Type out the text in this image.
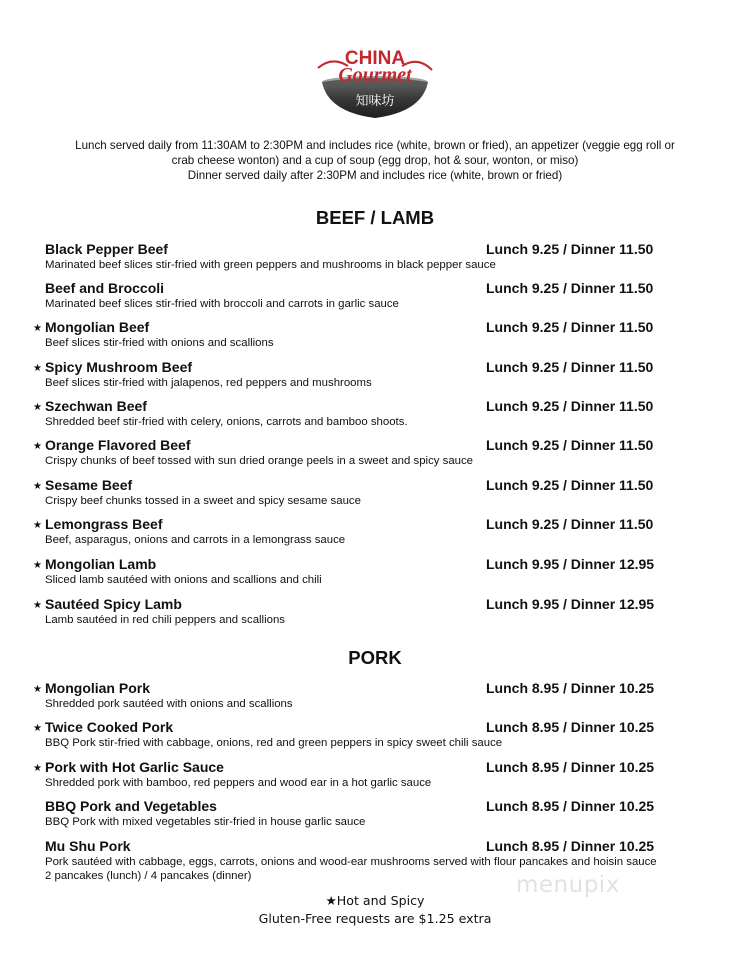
CHINA
Gourmet
知味坊
Lunch served daily from 11:30AM to 2:30PM and includes rice (white, brown or fried), an appetizer (veggie egg roll or
crab cheese wonton) and a cup of soup (egg drop, hot & sour, wonton, or miso)
Dinner served daily after 2:30PM and includes rice (white, brown or fried)
BEEF / LAMB
Black Pepper Beef	Lunch 9.25 / Dinner 11.50
Marinated beef slices stir-fried with green peppers and mushrooms in black pepper sauce
Beef and Broccoli	Lunch 9.25 / Dinner 11.50
Marinated beef slices stir-fried with broccoli and carrots in garlic sauce
★ Mongolian Beef	Lunch 9.25 / Dinner 11.50
Beef slices stir-fried with onions and scallions
★ Spicy Mushroom Beef	Lunch 9.25 / Dinner 11.50
Beef slices stir-fried with jalapenos, red peppers and mushrooms
★ Szechwan Beef	Lunch 9.25 / Dinner 11.50
Shredded beef stir-fried with celery, onions, carrots and bamboo shoots.
★ Orange Flavored Beef	Lunch 9.25 / Dinner 11.50
Crispy chunks of beef tossed with sun dried orange peels in a sweet and spicy sauce
★ Sesame Beef	Lunch 9.25 / Dinner 11.50
Crispy beef chunks tossed in a sweet and spicy sesame sauce
★ Lemongrass Beef	Lunch 9.25 / Dinner 11.50
Beef, asparagus, onions and carrots in a lemongrass sauce
★ Mongolian Lamb	Lunch 9.95 / Dinner 12.95
Sliced lamb sautéed with onions and scallions and chili
★ Sautéed Spicy Lamb	Lunch 9.95 / Dinner 12.95
Lamb sautéed in red chili peppers and scallions
PORK
★ Mongolian Pork	Lunch 8.95 / Dinner 10.25
Shredded pork sautéed with onions and scallions
★ Twice Cooked Pork	Lunch 8.95 / Dinner 10.25
BBQ Pork stir-fried with cabbage, onions, red and green peppers in spicy sweet chili sauce
★ Pork with Hot Garlic Sauce	Lunch 8.95 / Dinner 10.25
Shredded pork with bamboo, red peppers and wood ear in a hot garlic sauce
BBQ Pork and Vegetables	Lunch 8.95 / Dinner 10.25
BBQ Pork with mixed vegetables stir-fried in house garlic sauce
Mu Shu Pork	Lunch 8.95 / Dinner 10.25
Pork sautéed with cabbage, eggs, carrots, onions and wood-ear mushrooms served with flour pancakes and hoisin sauce
2 pancakes (lunch) / 4 pancakes (dinner)
★Hot and Spicy
Gluten-Free requests are $1.25 extra
menupix
